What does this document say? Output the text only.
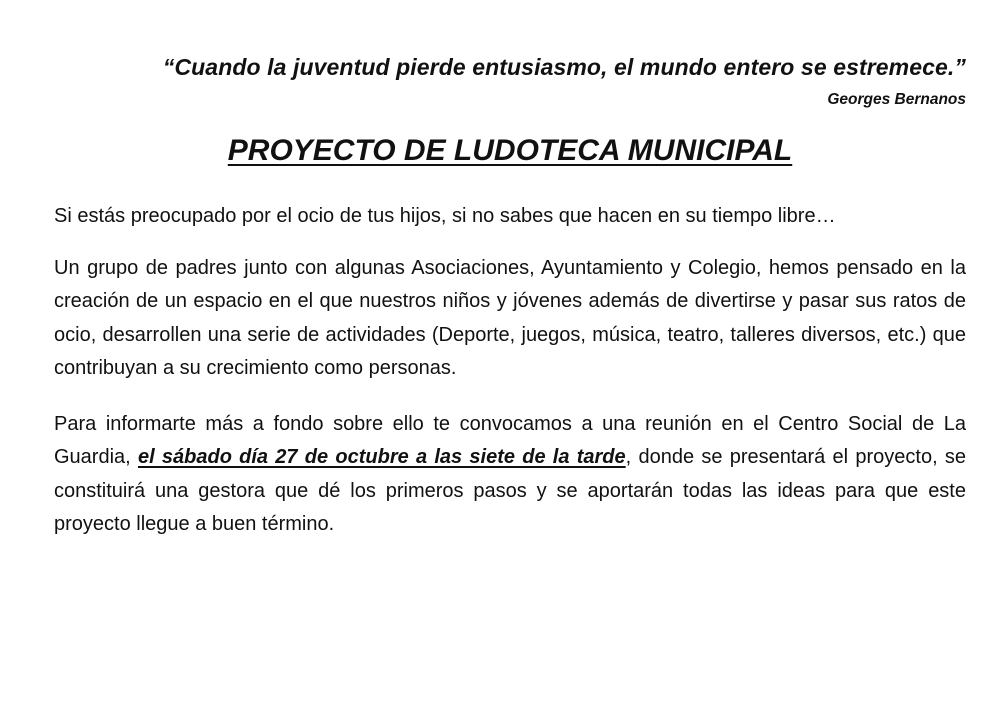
“Cuando la juventud pierde entusiasmo, el mundo entero se estremece.”

Georges Bernanos

PROYECTO DE LUDOTECA MUNICIPAL

Si estás preocupado por el ocio de tus hijos, si no sabes que hacen en su tiempo libre…

Un grupo de padres junto con algunas Asociaciones, Ayuntamiento y Colegio, hemos pensado en la creación de un espacio en el que nuestros niños y jóvenes además de divertirse y pasar sus ratos de ocio, desarrollen una serie de actividades (Deporte, juegos, música, teatro, talleres diversos, etc.) que contribuyan a su crecimiento como personas.

Para informarte más a fondo sobre ello te convocamos a una reunión en el Centro Social de La Guardia, el sábado día 27 de octubre a las siete de la tarde, donde se presentará el proyecto, se constituirá una gestora que dé los primeros pasos y se aportarán todas las ideas para que este proyecto llegue a buen término.
